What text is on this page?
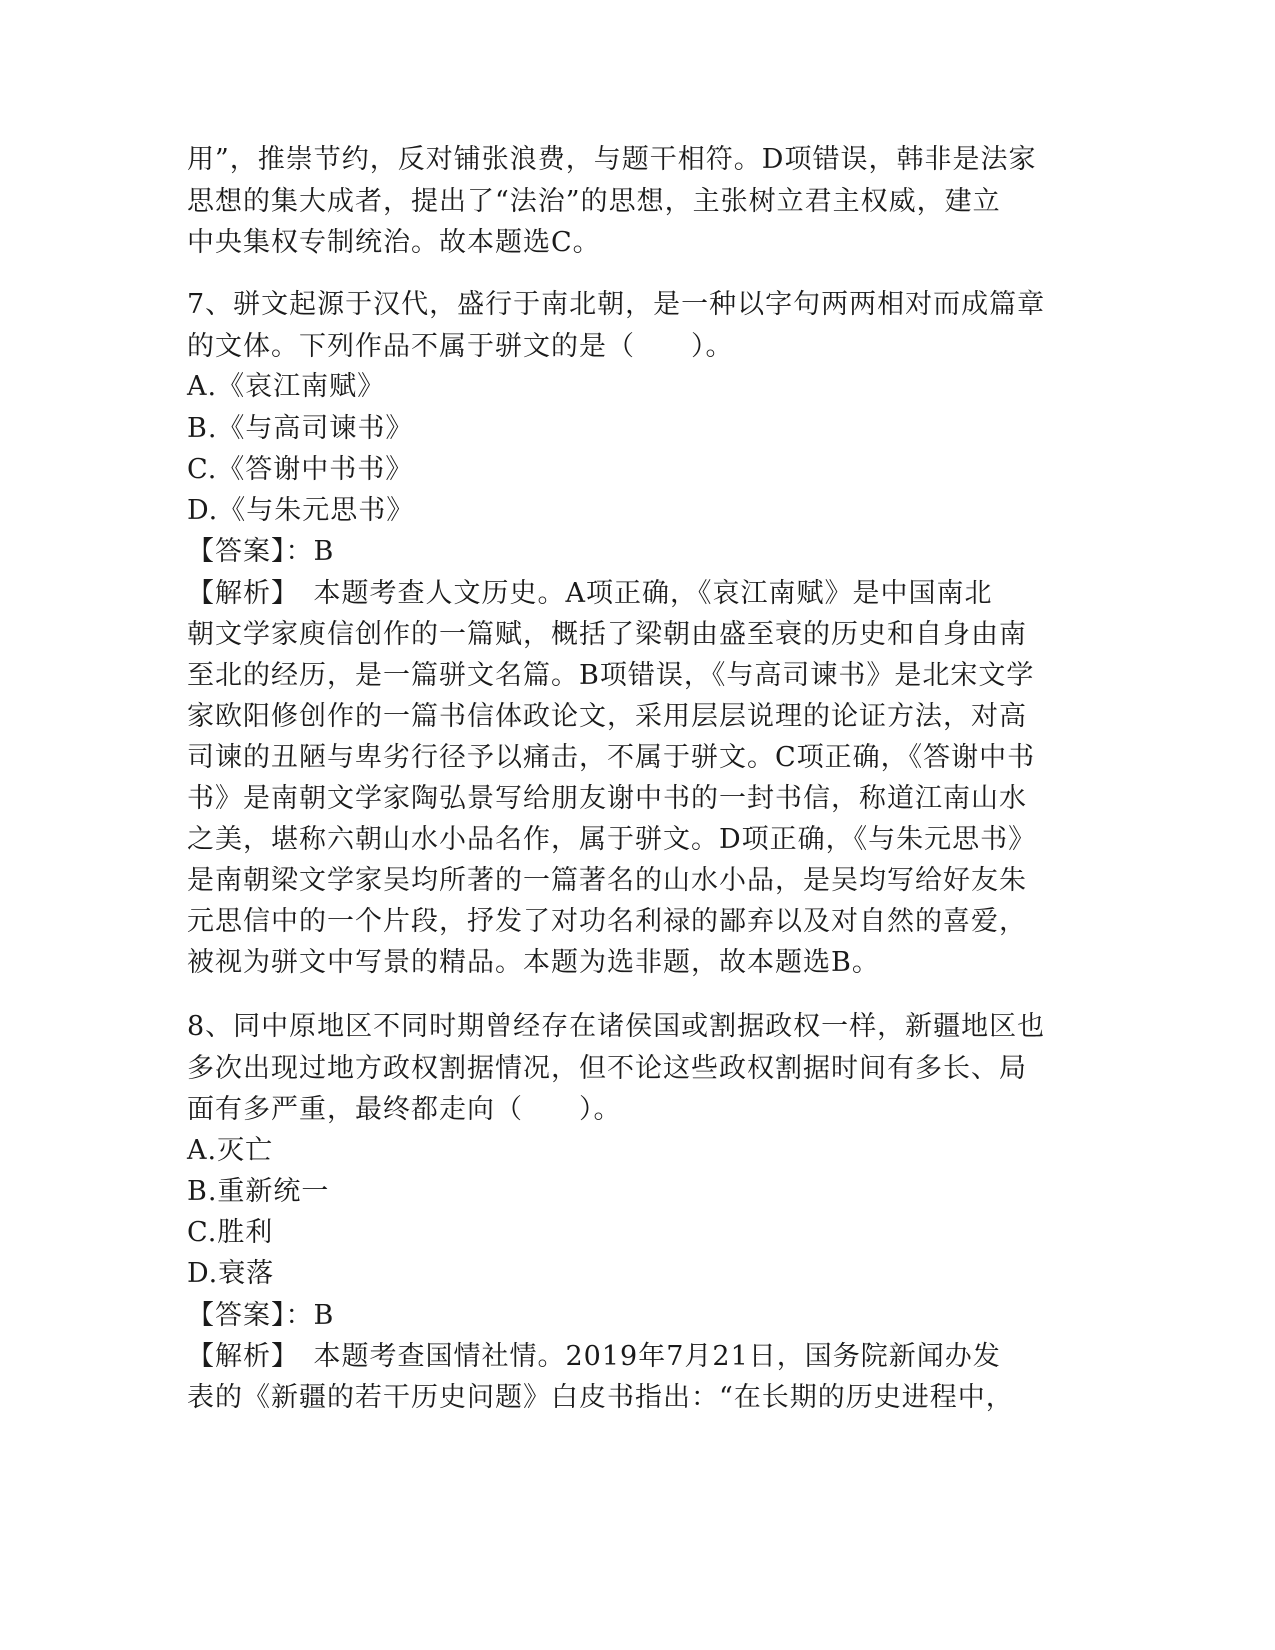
用”，推崇节约，反对铺张浪费，与题干相符。D项错误，韩非是法家
思想的集大成者，提出了“法治”的思想，主张树立君主权威，建立
中央集权专制统治。故本题选C。
7、骈文起源于汉代，盛行于南北朝，是一种以字句两两相对而成篇章
的文体。下列作品不属于骈文的是（　　）。
A.《哀江南赋》
B.《与高司谏书》
C.《答谢中书书》
D.《与朱元思书》
【答案】：B
【解析】　本题考查人文历史。A项正确，《哀江南赋》是中国南北
朝文学家庾信创作的一篇赋，概括了梁朝由盛至衰的历史和自身由南
至北的经历，是一篇骈文名篇。B项错误，《与高司谏书》是北宋文学
家欧阳修创作的一篇书信体政论文，采用层层说理的论证方法，对高
司谏的丑陋与卑劣行径予以痛击，不属于骈文。C项正确，《答谢中书
书》是南朝文学家陶弘景写给朋友谢中书的一封书信，称道江南山水
之美，堪称六朝山水小品名作，属于骈文。D项正确，《与朱元思书》
是南朝梁文学家吴均所著的一篇著名的山水小品，是吴均写给好友朱
元思信中的一个片段，抒发了对功名利禄的鄙弃以及对自然的喜爱，
被视为骈文中写景的精品。本题为选非题，故本题选B。
8、同中原地区不同时期曾经存在诸侯国或割据政权一样，新疆地区也
多次出现过地方政权割据情况，但不论这些政权割据时间有多长、局
面有多严重，最终都走向（　　）。
A.灭亡
B.重新统一
C.胜利
D.衰落
【答案】：B
【解析】　本题考查国情社情。2019年7月21日，国务院新闻办发
表的《新疆的若干历史问题》白皮书指出：“在长期的历史进程中，
